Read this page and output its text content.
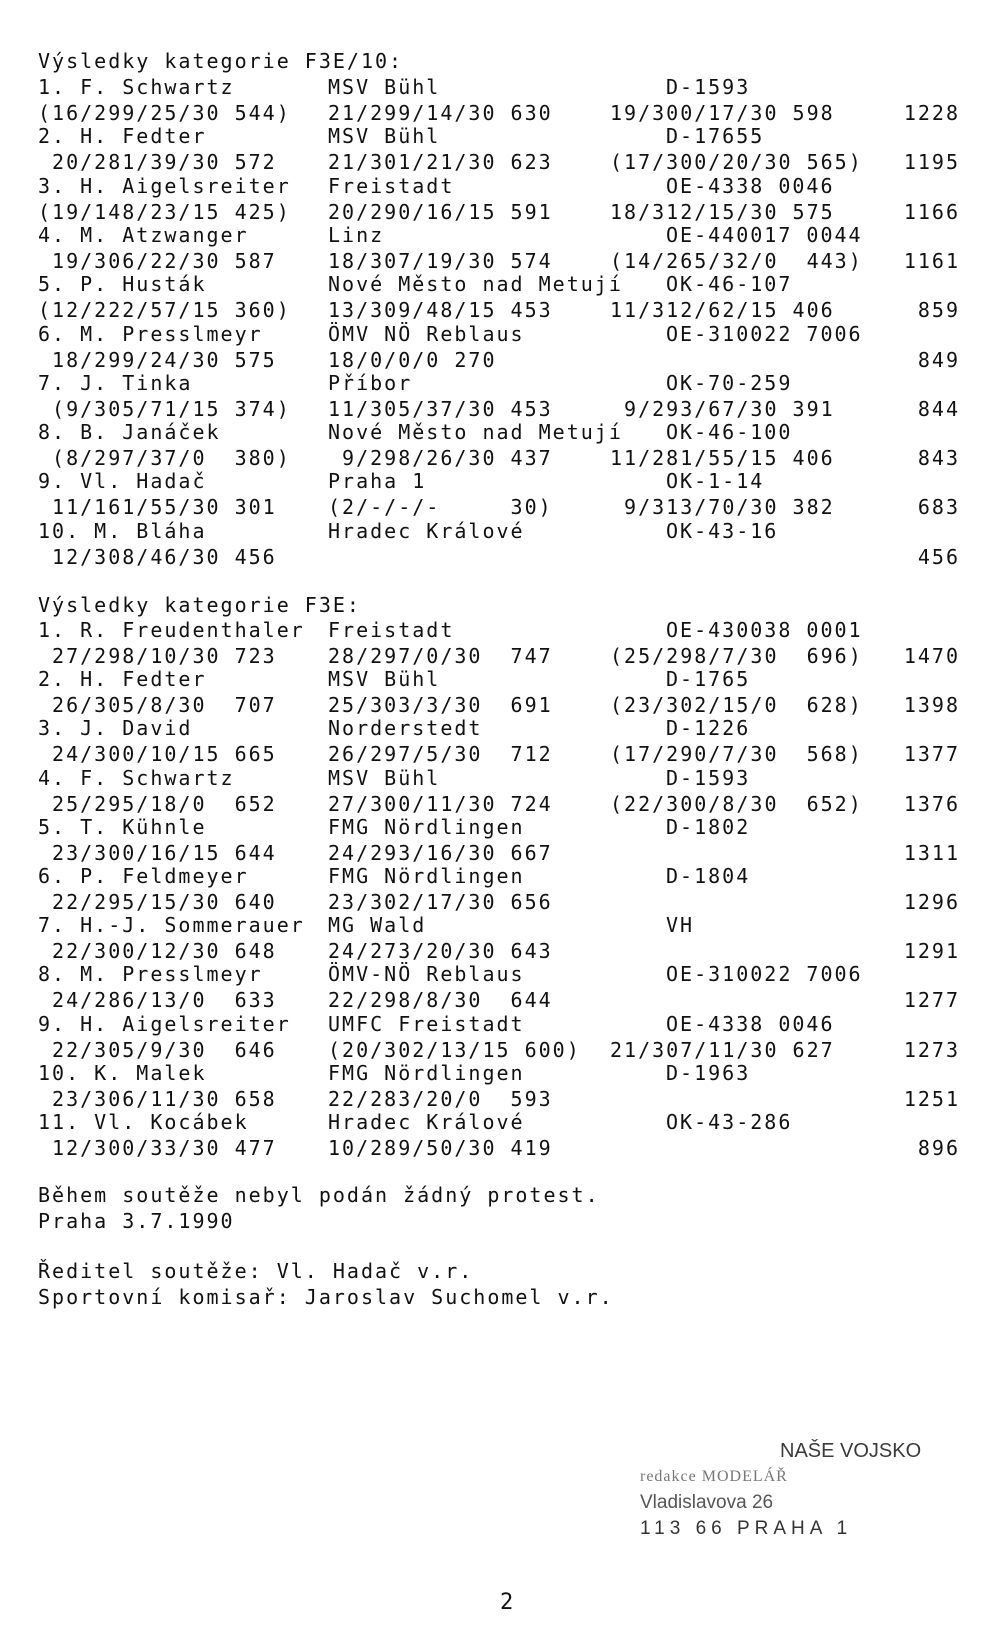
Výsledky kategorie F3E/10:
1. F. Schwartz	MSV Bühl	D-1593
(16/299/25/30 544) 21/299/14/30 630	19/300/17/30 598	1228
2. H. Fedter	MSV Bühl	D-17655
20/281/39/30 572	21/301/21/30 623	(17/300/20/30 565) 1195
3. H. Aigelsreiter Freistadt	OE-4338 0046
(19/148/23/15 425) 20/290/16/15 591	18/312/15/30 575	1166
4. M. Atzwanger	Linz	OE-440017 0044
19/306/22/30 587	18/307/19/30 574	(14/265/32/0  443) 1161
5. P. Husták	Nové Město nad Metují OK-46-107
(12/222/57/15 360) 13/309/48/15 453	11/312/62/15 406	859
6. M. Presslmeyr	ÖMV NÖ Reblaus	OE-310022 7006
18/299/24/30 575	18/0/0/0 270	849
7. J. Tinka	Příbor	OK-70-259
(9/305/71/15 374) 11/305/37/30 453	9/293/67/30 391	844
8. B. Janáček	Nové Město nad Metují OK-46-100
(8/297/37/0  380) 9/298/26/30 437	11/281/55/15 406	843
9. Vl. Hadač	Praha 1	OK-1-14
11/161/55/30 301	(2/-/-/-     30)	9/313/70/30 382	683
10. M. Bláha	Hradec Králové	OK-43-16
12/308/46/30 456	456
Výsledky kategorie F3E:
1. R. Freudenthaler Freistadt	OE-430038 0001
27/298/10/30 723	28/297/0/30  747	(25/298/7/30  696) 1470
2. H. Fedter	MSV Bühl	D-1765
26/305/8/30  707	25/303/3/30  691	(23/302/15/0  628) 1398
3. J. David	Norderstedt	D-1226
24/300/10/15 665	26/297/5/30  712	(17/290/7/30  568) 1377
4. F. Schwartz	MSV Bühl	D-1593
25/295/18/0  652	27/300/11/30 724	(22/300/8/30  652) 1376
5. T. Kühnle	FMG Nördlingen	D-1802
23/300/16/15 644	24/293/16/30 667	1311
6. P. Feldmeyer	FMG Nördlingen	D-1804
22/295/15/30 640	23/302/17/30 656	1296
7. H.-J. Sommerauer MG Wald	VH
22/300/12/30 648	24/273/20/30 643	1291
8. M. Presslmeyr	ÖMV-NÖ Reblaus	OE-310022 7006
24/286/13/0  633	22/298/8/30  644	1277
9. H. Aigelsreiter UMFC Freistadt	OE-4338 0046
22/305/9/30  646	(20/302/13/15 600) 21/307/11/30 627	1273
10. K. Malek	FMG Nördlingen	D-1963
23/306/11/30 658	22/283/20/0  593	1251
11. Vl. Kocábek	Hradec Králové	OK-43-286
12/300/33/30 477	10/289/50/30 419	896
Během soutěže nebyl podán žádný protest.
Praha 3.7.1990
Ředitel soutěže: Vl. Hadač v.r.
Sportovní komisař: Jaroslav Suchomel v.r.
NAŠE VOJSKO
redakce MODELÁŘ
Vladislavova 26
113 66 PRAHA 1
2
